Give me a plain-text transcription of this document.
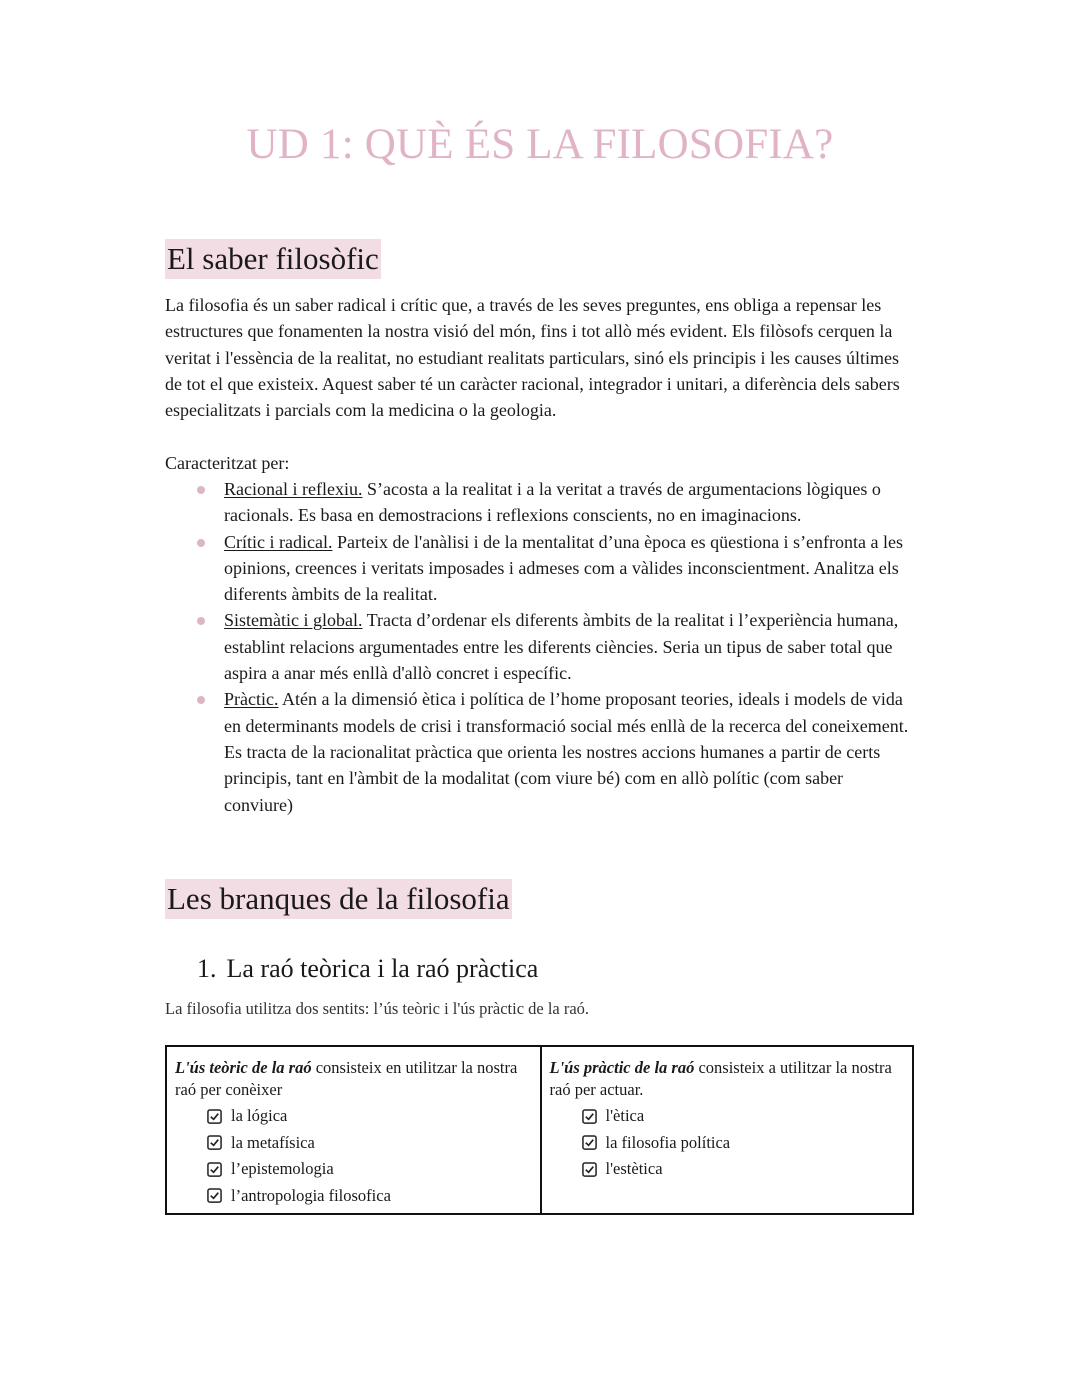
UD 1: QUÈ ÉS LA FILOSOFIA?
El saber filosòfic

La filosofia és un saber radical i crític que, a través de les seves preguntes, ens obliga a repensar les estructures que fonamenten la nostra visió del món, fins i tot allò més evident. Els filòsofs cerquen la veritat i l'essència de la realitat, no estudiant realitats particulars, sinó els principis i les causes últimes de tot el que existeix. Aquest saber té un caràcter racional, integrador i unitari, a diferència dels sabers especialitzats i parcials com la medicina o la geologia.

Caracteritzat per:

Racional i reflexiu. S’acosta a la realitat i a la veritat a través de argumentacions lògiques o racionals. Es basa en demostracions i reflexions conscients, no en imaginacions.
Crític i radical. Parteix de l'anàlisi i de la mentalitat d’una època es qüestiona i s’enfronta a les opinions, creences i veritats imposades i admeses com a vàlides inconscientment. Analitza els diferents àmbits de la realitat.
Sistemàtic i global. Tracta d’ordenar els diferents àmbits de la realitat i l’experiència humana, establint relacions argumentades entre les diferents ciències. Seria un tipus de saber total que aspira a anar més enllà d'allò concret i específic.
Pràctic. Atén a la dimensió ètica i política de l’home proposant teories, ideals i models de vida en determinants models de crisi i transformació social més enllà de la recerca del coneixement. Es tracta de la racionalitat pràctica que orienta les nostres accions humanes a partir de certs principis, tant en l'àmbit de la modalitat (com viure bé) com en allò polític (com saber conviure)
Les branques de la filosofia
1. La raó teòrica i la raó pràctica

La filosofia utilitza dos sentits: l’ús teòric i l'ús pràctic de la raó.

L'ús teòric de la raó consisteix en utilitzar la nostra raó per conèixer

la lógica
la metafísica
l’epistemologia
l’antropologia filosofica

L'ús pràctic de la raó consisteix a utilitzar la nostra raó per actuar.

l'ètica
la filosofia política
l'estètica
